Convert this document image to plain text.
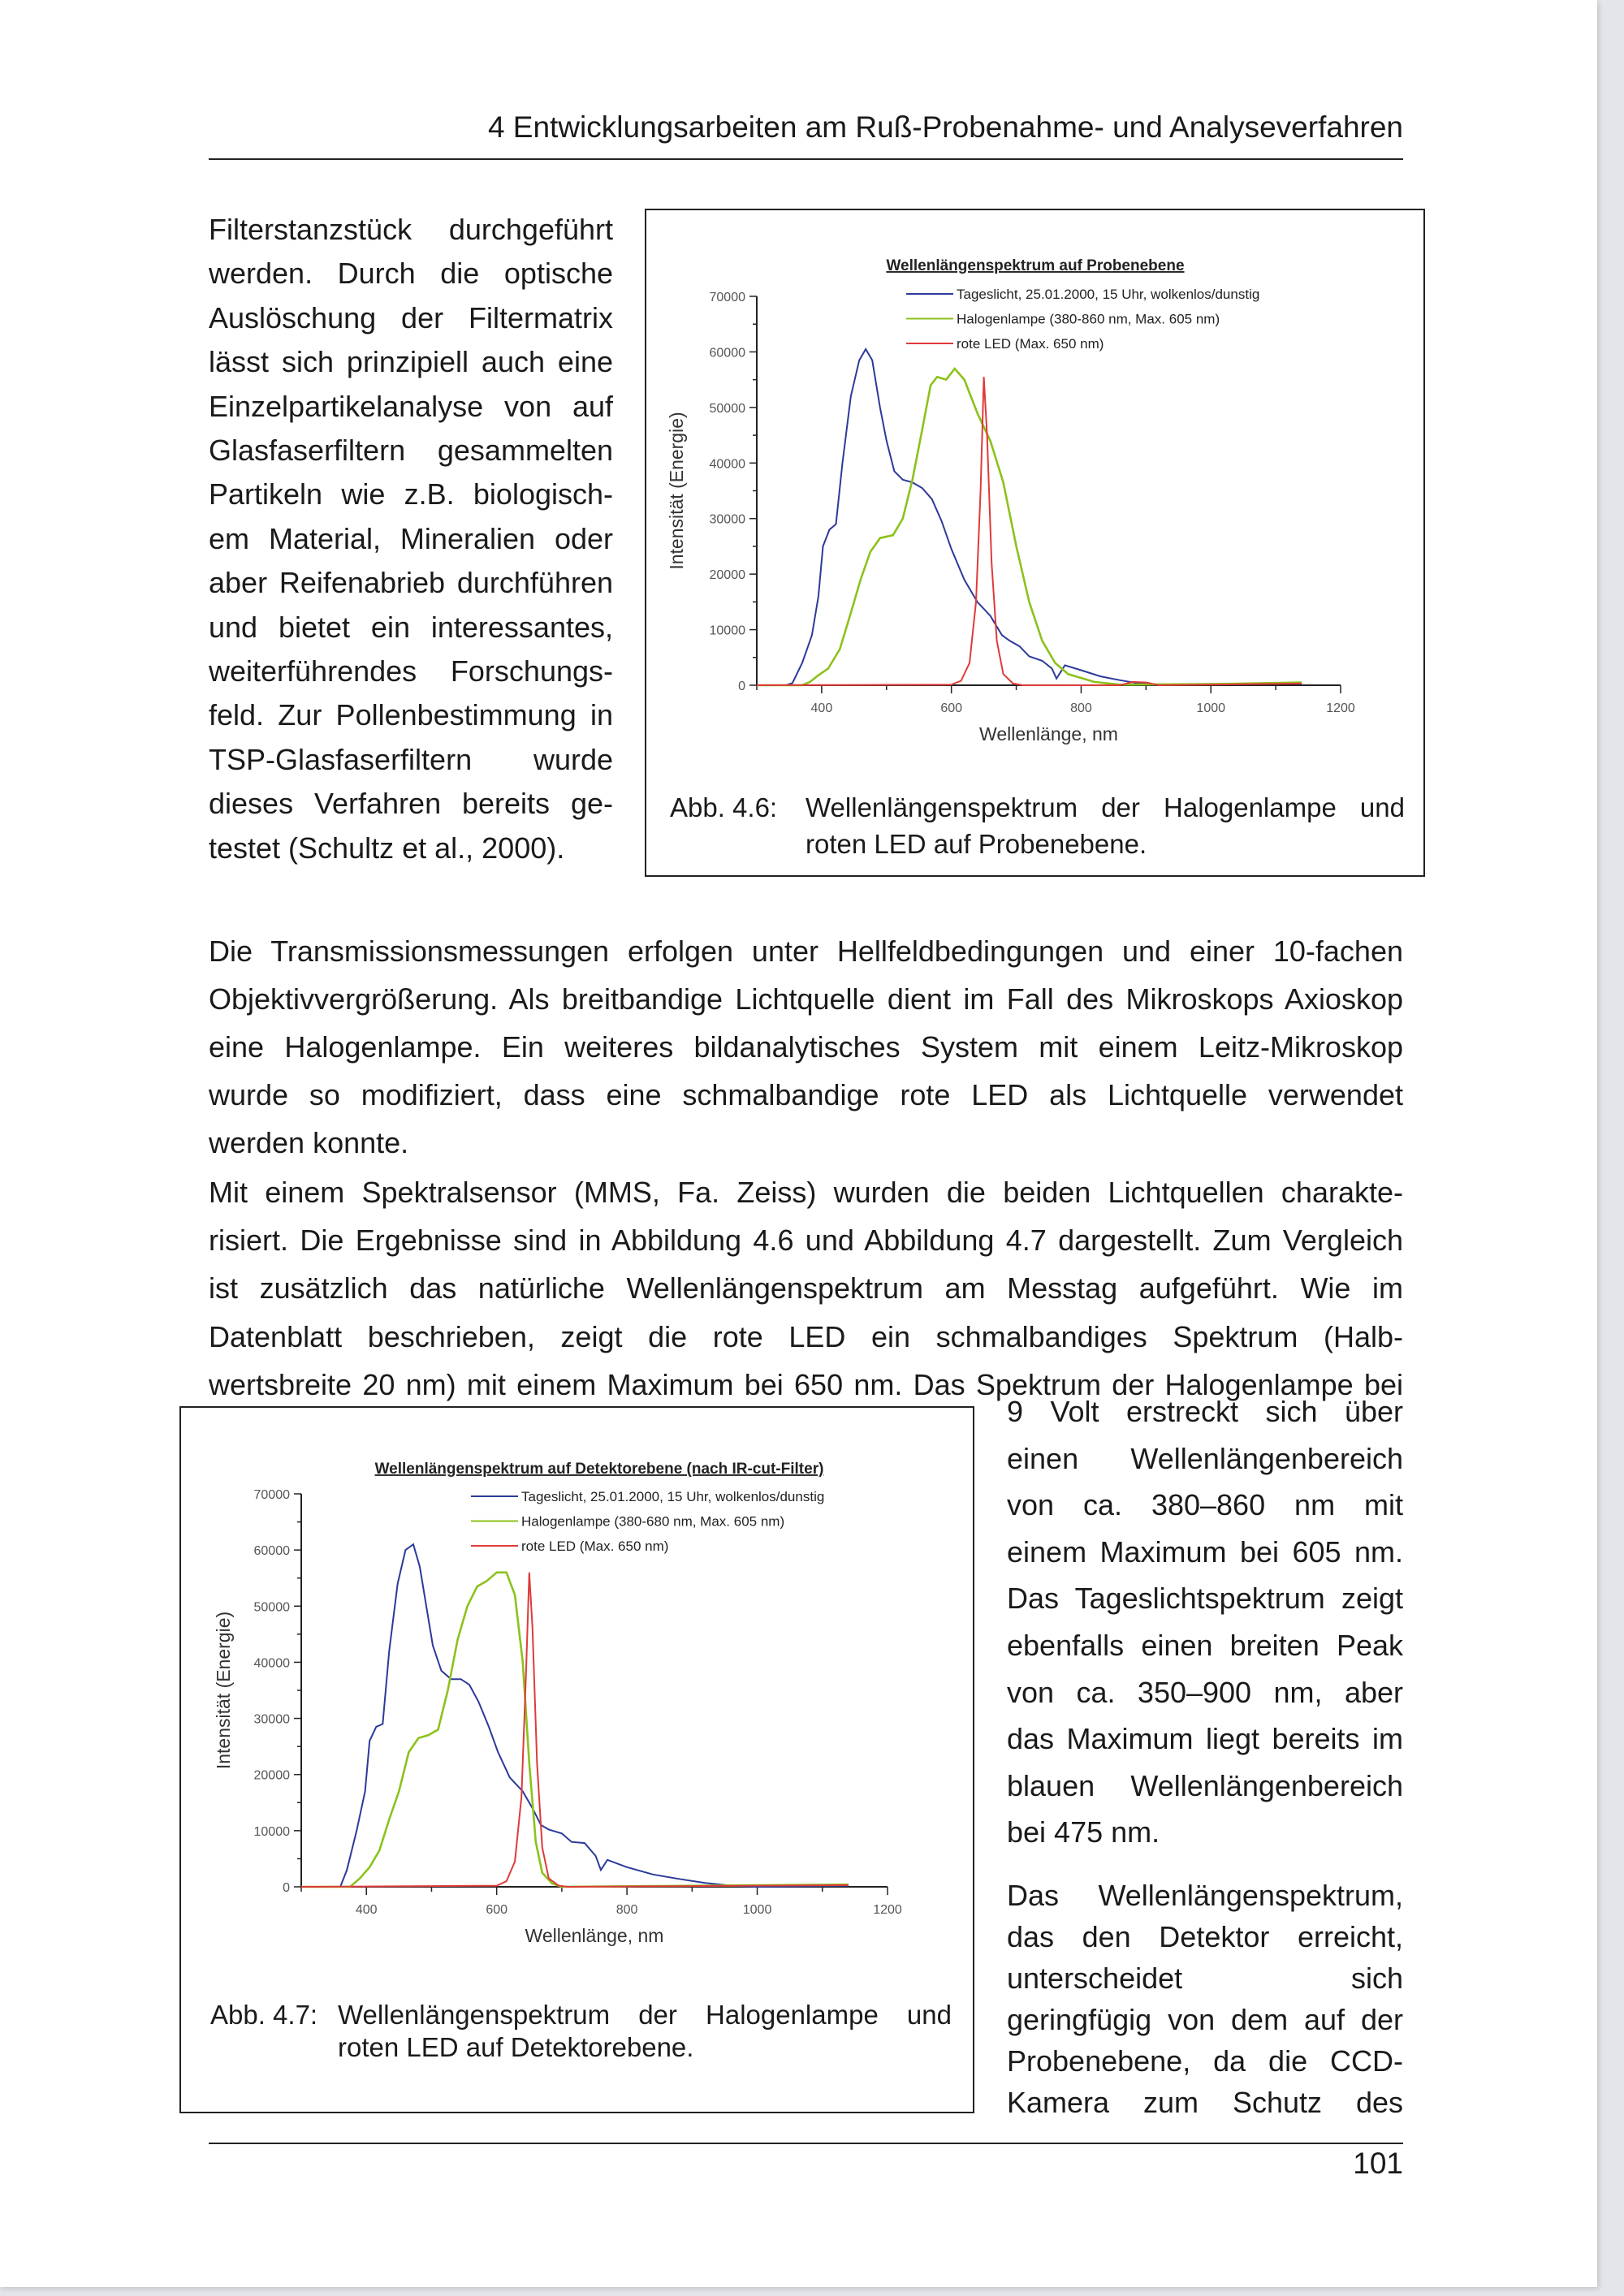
4 Entwicklungsarbeiten am Ruß-Probenahme- und Analyseverfahren
Filterstanzstück durchgeführt
werden. Durch die optische
Auslöschung der Filtermatrix
lässt sich prinzipiell auch eine
Einzelpartikelanalyse von auf
Glasfaserfiltern gesammelten
Partikeln wie z.B. biologisch-
em Material, Mineralien oder
aber Reifenabrieb durchführen
und bietet ein interessantes,
weiterführendes Forschungs-
feld. Zur Pollenbestimmung in
TSP-Glasfaserfiltern wurde
dieses Verfahren bereits ge-
testet (Schultz et al., 2000).
Wellenlängenspektrum auf Probenebene
0
10000
20000
30000
40000
50000
60000
70000
400	600	800	1000	1200
Wellenlänge, nm
Intensität (Energie)
Tageslicht, 25.01.2000, 15 Uhr, wolkenlos/dunstig
Halogenlampe (380-860 nm, Max. 605 nm)
rote LED (Max. 650 nm)
Abb. 4.6: Wellenlängenspektrum der Halogenlampe und
roten LED auf Probenebene.
Die Transmissionsmessungen erfolgen unter Hellfeldbedingungen und einer 10-fachen
Objektivvergrößerung. Als breitbandige Lichtquelle dient im Fall des Mikroskops Axioskop
eine Halogenlampe. Ein weiteres bildanalytisches System mit einem Leitz-Mikroskop
wurde so modifiziert, dass eine schmalbandige rote LED als Lichtquelle verwendet
werden konnte.
Mit einem Spektralsensor (MMS, Fa. Zeiss) wurden die beiden Lichtquellen charakte-
risiert. Die Ergebnisse sind in Abbildung 4.6 und Abbildung 4.7 dargestellt. Zum Vergleich
ist zusätzlich das natürliche Wellenlängenspektrum am Messtag aufgeführt. Wie im
Datenblatt beschrieben, zeigt die rote LED ein schmalbandiges Spektrum (Halb-
wertsbreite 20 nm) mit einem Maximum bei 650 nm. Das Spektrum der Halogenlampe bei
Wellenlängenspektrum auf Detektorebene (nach IR-cut-Filter)
0
10000
20000
30000
40000
50000
60000
70000
400	600	800	1000	1200
Wellenlänge, nm
Intensität (Energie)
Tageslicht, 25.01.2000, 15 Uhr, wolkenlos/dunstig
Halogenlampe (380-680 nm, Max. 605 nm)
rote LED (Max. 650 nm)
Abb. 4.7: Wellenlängenspektrum der Halogenlampe und
roten LED auf Detektorebene.
9 Volt erstreckt sich über
einen Wellenlängenbereich
von ca. 380–860 nm mit
einem Maximum bei 605 nm.
Das Tageslichtspektrum zeigt
ebenfalls einen breiten Peak
von ca. 350–900 nm, aber
das Maximum liegt bereits im
blauen Wellenlängenbereich
bei 475 nm.
Das Wellenlängenspektrum,
das den Detektor erreicht,
unterscheidet sich
geringfügig von dem auf der
Probenebene, da die CCD-
Kamera zum Schutz des
101
